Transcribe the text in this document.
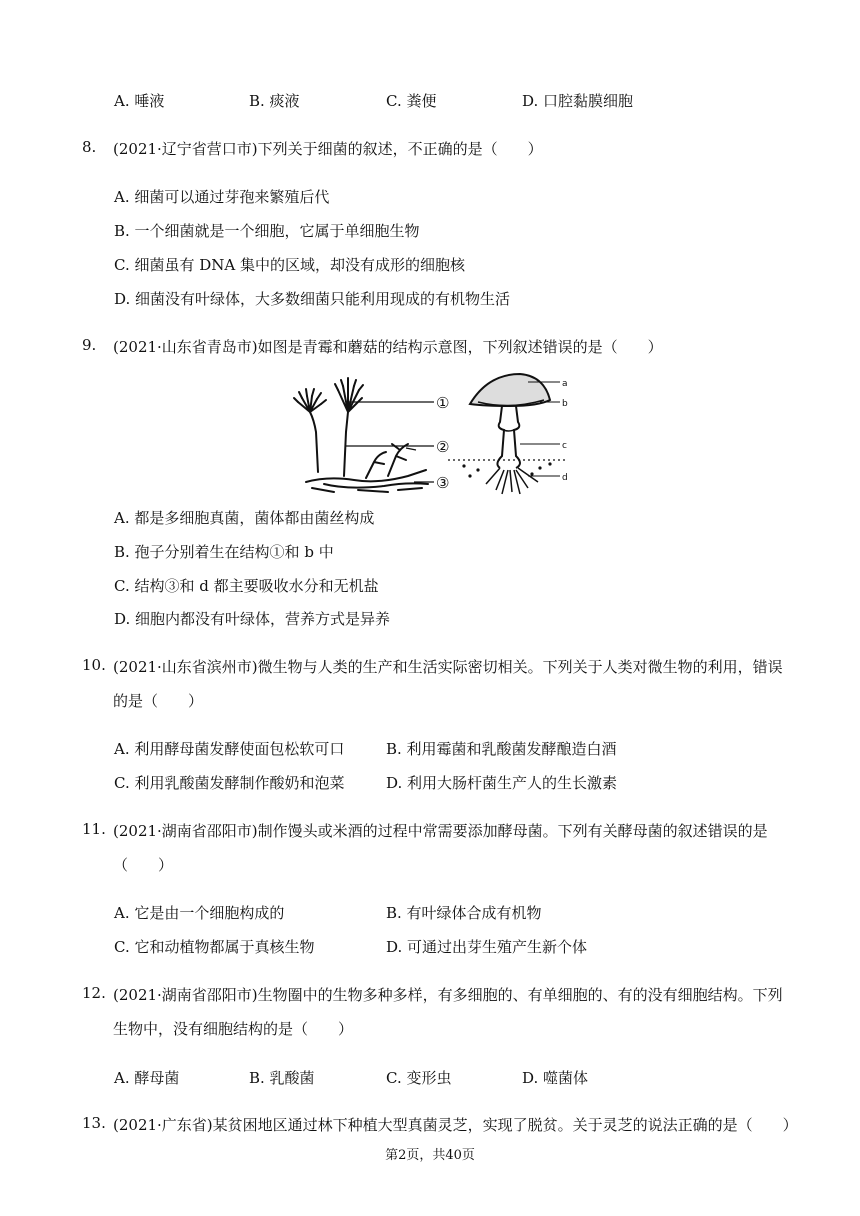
A. 唾液	B. 痰液	C. 粪便	D. 口腔黏膜细胞
8. (2021·辽宁省营口市)下列关于细菌的叙述，不正确的是（　　）
A. 细菌可以通过芽孢来繁殖后代
B. 一个细菌就是一个细胞，它属于单细胞生物
C. 细菌虽有 DNA 集中的区域，却没有成形的细胞核
D. 细菌没有叶绿体，大多数细菌只能利用现成的有机物生活
9. (2021·山东省青岛市)如图是青霉和蘑菇的结构示意图，下列叙述错误的是（　　）
①
②
③
a
b
c
d
A. 都是多细胞真菌，菌体都由菌丝构成
B. 孢子分别着生在结构①和 b 中
C. 结构③和 d 都主要吸收水分和无机盐
D. 细胞内都没有叶绿体，营养方式是异养
10. (2021·山东省滨州市)微生物与人类的生产和生活实际密切相关。下列关于人类对微生物的利用，错误
的是（　　）
A. 利用酵母菌发酵使面包松软可口	B. 利用霉菌和乳酸菌发酵酿造白酒
C. 利用乳酸菌发酵制作酸奶和泡菜	D. 利用大肠杆菌生产人的生长激素
11. (2021·湖南省邵阳市)制作馒头或米酒的过程中常需要添加酵母菌。下列有关酵母菌的叙述错误的是
（　　）
A. 它是由一个细胞构成的	B. 有叶绿体合成有机物
C. 它和动植物都属于真核生物	D. 可通过出芽生殖产生新个体
12. (2021·湖南省邵阳市)生物圈中的生物多种多样，有多细胞的、有单细胞的、有的没有细胞结构。下列
生物中，没有细胞结构的是（　　）
A. 酵母菌	B. 乳酸菌	C. 变形虫	D. 噬菌体
13. (2021·广东省)某贫困地区通过林下种植大型真菌灵芝，实现了脱贫。关于灵芝的说法正确的是（　　）
第2页，共40页
